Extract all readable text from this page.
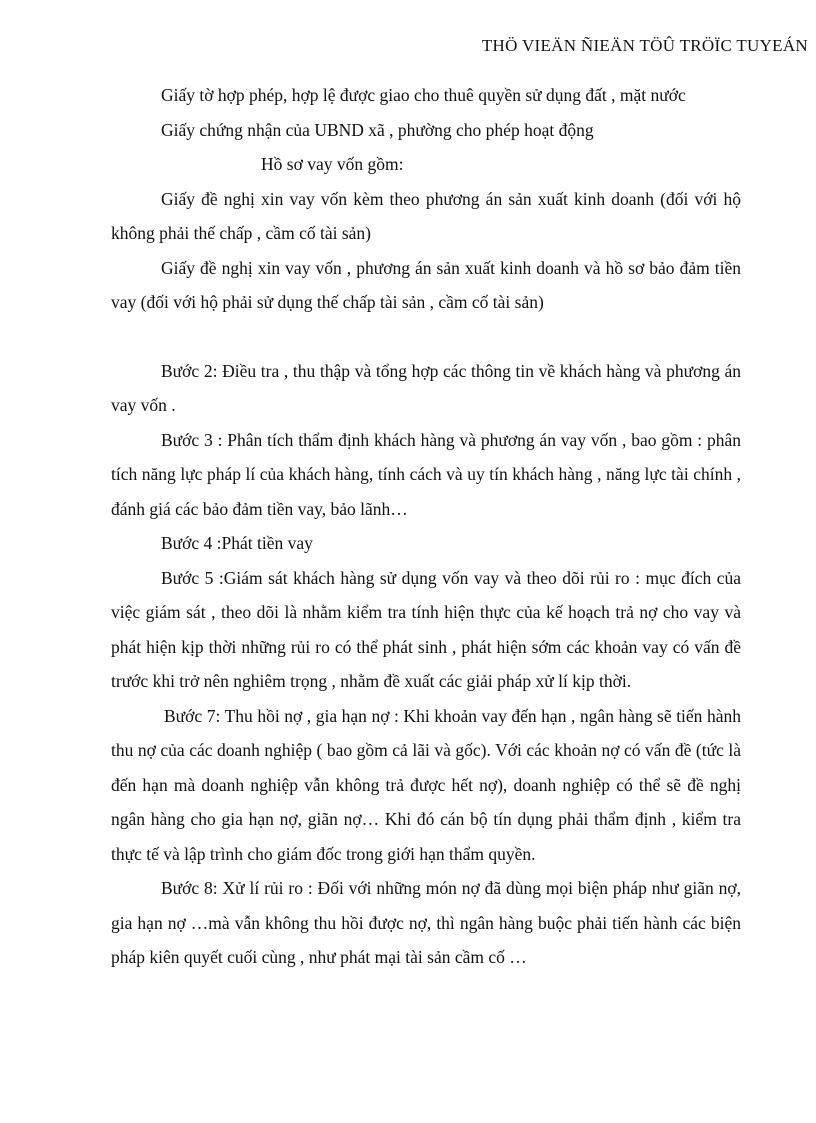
THÖ VIEÄN ÑIEÄN TÖÛ TRÖÏC TUYEÁN

Giấy tờ hợp phép, hợp lệ được giao cho thuê quyền sử dụng đất , mặt nước

Giấy chứng nhận của UBND xã , phường cho phép hoạt động

Hồ sơ vay vốn gồm:

Giấy đề nghị xin vay vốn kèm theo phương án sản xuất kinh doanh (đối với hộ không phải thế chấp , cầm cố tài sản)

Giấy đề nghị xin vay vốn , phương án sản xuất kinh doanh và hồ sơ bảo đảm tiền vay (đối với hộ phải sử dụng thế chấp tài sản , cầm cố tài sản)

Bước 2: Điều tra , thu thập và tổng hợp các thông tin về khách hàng và phương án vay vốn .

Bước 3 : Phân tích thẩm định khách hàng và phương án vay vốn , bao gồm : phân tích năng lực pháp lí của khách hàng, tính cách và uy tín khách hàng , năng lực tài chính , đánh giá các bảo đảm tiền vay, bảo lãnh…

Bước 4 :Phát tiền vay

Bước 5 :Giám sát khách hàng sử dụng vốn vay và theo dõi rủi ro : mục đích của việc giám sát , theo dõi là nhằm kiểm tra tính hiện thực của kế hoạch trả nợ cho vay và phát hiện kịp thời những rủi ro có thể phát sinh , phát hiện sớm các khoản vay có vấn đề trước khi trở nên nghiêm trọng , nhằm đề xuất các giải pháp xử lí kịp thời.

Bước 7: Thu hồi nợ , gia hạn nợ : Khi khoản vay đến hạn , ngân hàng sẽ tiến hành thu nợ của các doanh nghiệp ( bao gồm cả lãi và gốc). Với các khoản nợ có vấn đề (tức là đến hạn mà doanh nghiệp vẫn không trả được hết nợ), doanh nghiệp có thể sẽ đề nghị ngân hàng cho gia hạn nợ, giãn nợ… Khi đó cán bộ tín dụng phải thẩm định , kiểm tra thực tế và lập trình cho giám đốc trong giới hạn thẩm quyền.

Bước 8: Xử lí rủi ro : Đối với những món nợ đã dùng mọi biện pháp như giãn nợ, gia hạn nợ …mà vẫn không thu hồi được nợ, thì ngân hàng buộc phải tiến hành các biện pháp kiên quyết cuối cùng , như phát mại tài sản cầm cố …
